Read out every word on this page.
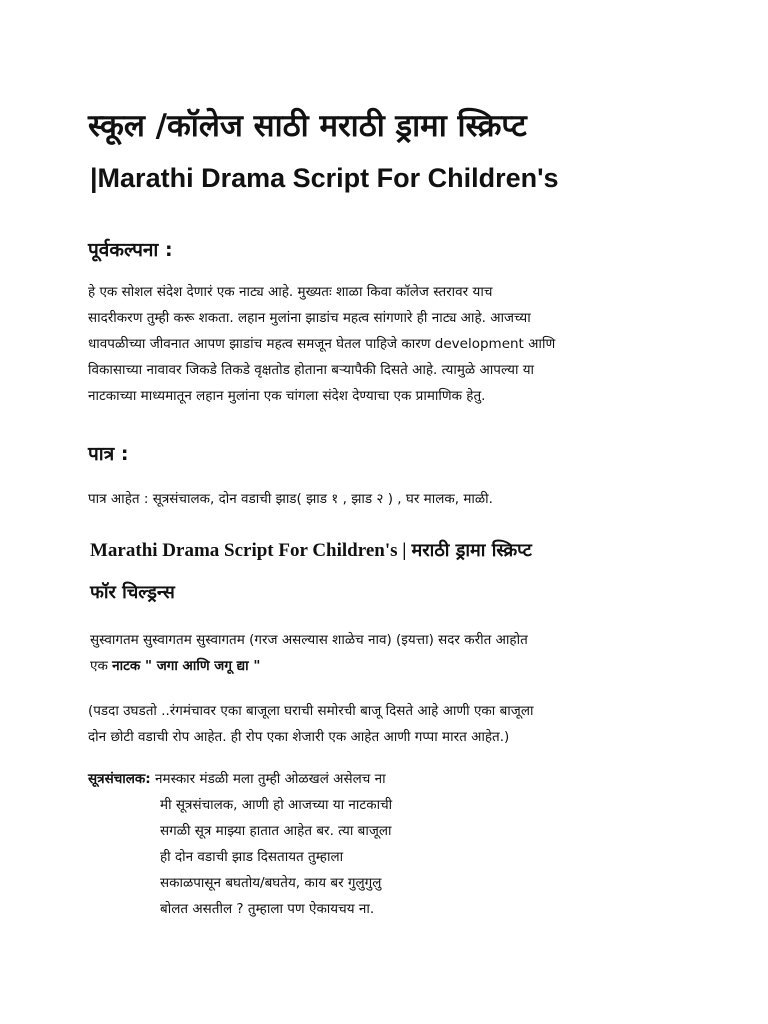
स्कूल /कॉलेज साठी मराठी ड्रामा स्क्रिप्ट
|Marathi Drama Script For Children's
पूर्वकल्पना :
हे एक सोशल संदेश देणारं एक नाट्य आहे. मुख्यतः शाळा किवा कॉलेज स्तरावर याच
सादरीकरण तुम्ही करू शकता. लहान मुलांना झाडांच महत्व सांगणारे ही नाट्य आहे. आजच्या
धावपळीच्या जीवनात आपण झाडांच महत्व समजून घेतल पाहिजे कारण development आणि
विकासाच्या नावावर जिकडे तिकडे वृक्षतोड होताना बऱ्यापैकी दिसते आहे. त्यामुळे आपल्या या
नाटकाच्या माध्यमातून लहान मुलांना एक चांगला संदेश देण्याचा एक प्रामाणिक हेतु.
पात्र :
पात्र आहेत : सूत्रसंचालक, दोन वडाची झाड( झाड १ , झाड २ ) , घर मालक, माळी.
Marathi Drama Script For Children's | मराठी ड्रामा स्क्रिप्ट
फॉर चिल्ड्रन्स
सुस्वागतम सुस्वागतम सुस्वागतम (गरज असल्यास शाळेच नाव) (इयत्ता) सदर करीत आहोत
एक नाटक " जगा आणि जगू द्या "
(पडदा उघडतो ..रंगमंचावर एका बाजूला घराची समोरची बाजू दिसते आहे आणी एका बाजूला
दोन छोटी वडाची रोप आहेत. ही रोप एका शेजारी एक आहेत आणी गप्पा मारत आहेत.)
सूत्रसंचालक: नमस्कार मंडळी मला तुम्ही ओळखलं असेलच ना
मी सूत्रसंचालक, आणी हो आजच्या या नाटकाची
सगळी सूत्र माझ्या हातात आहेत बर. त्या बाजूला
ही दोन वडाची झाड दिसतायत तुम्हाला
सकाळपासून बघतोय/बघतेय, काय बर गुलुगुलु
बोलत असतील ? तुम्हाला पण ऐकायचय ना.
